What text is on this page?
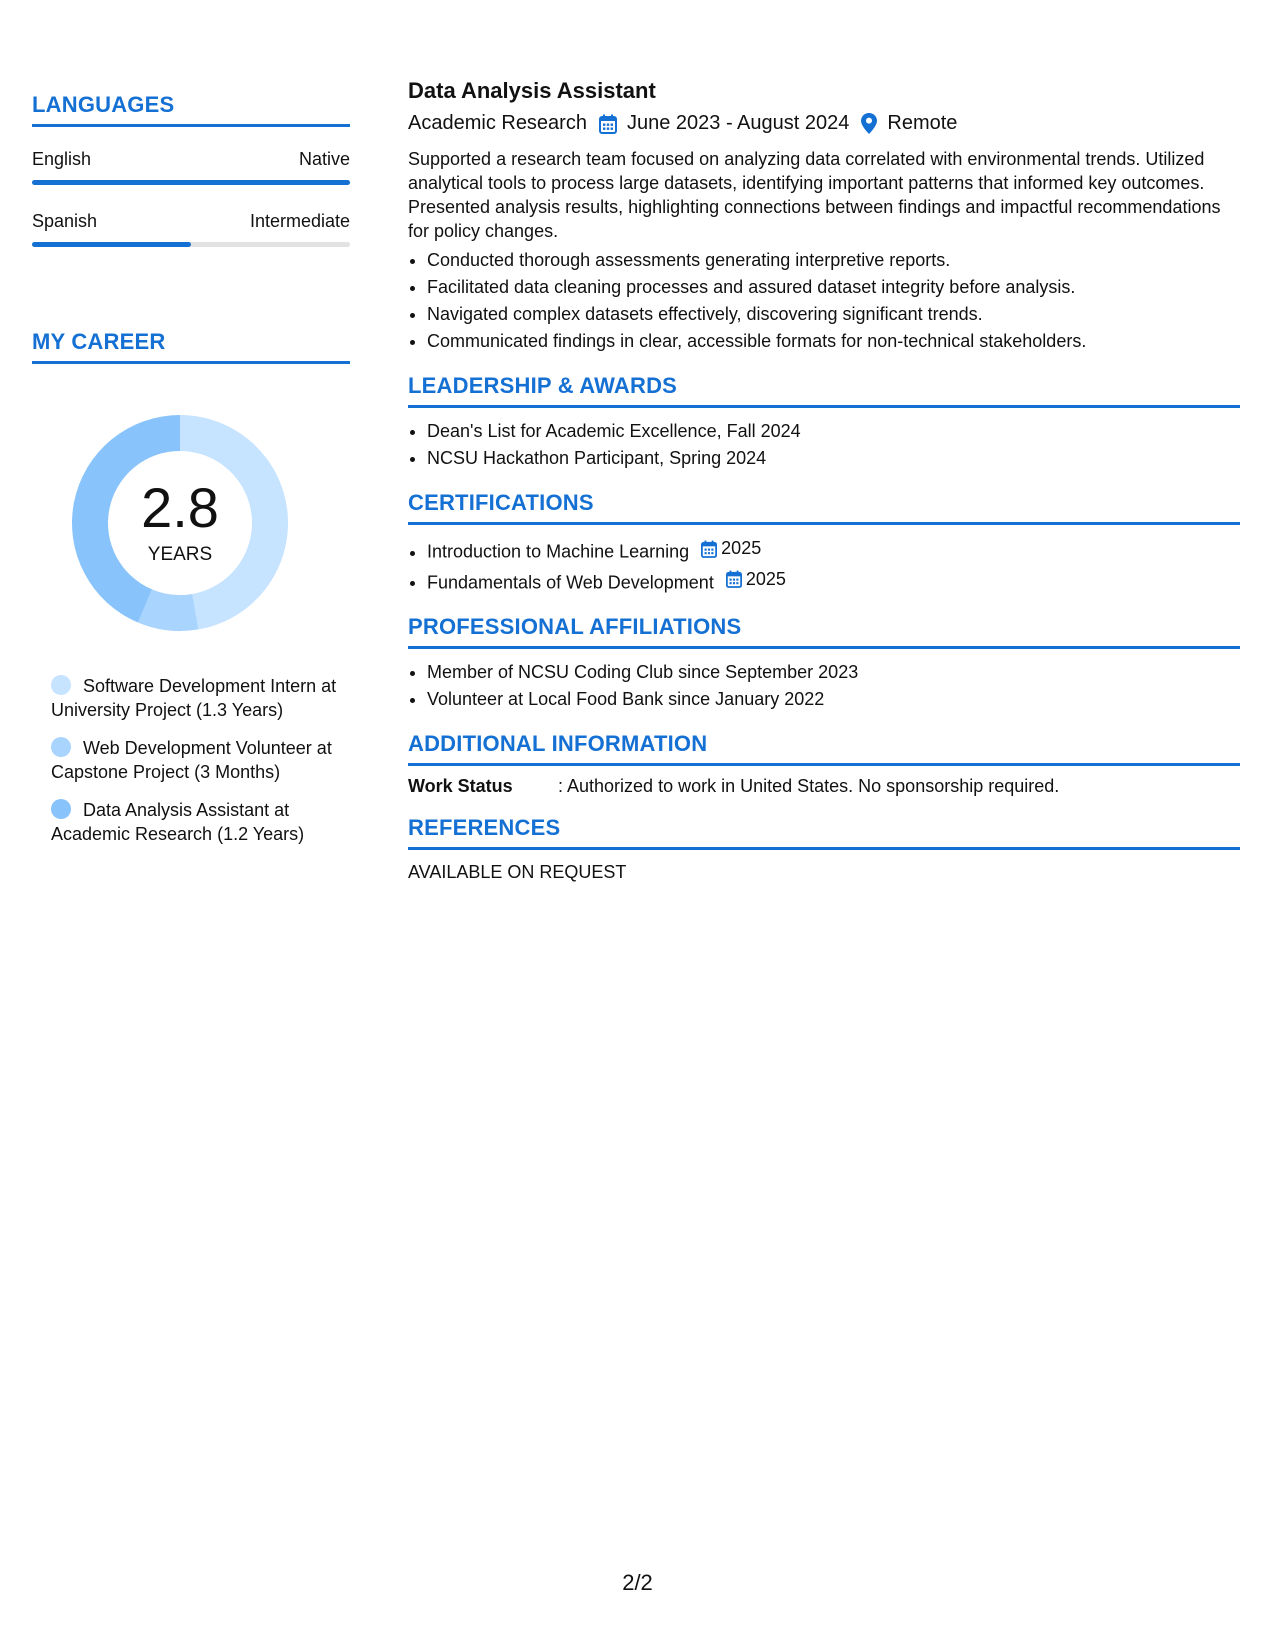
LANGUAGES
English	Native
Spanish	Intermediate
MY CAREER
2.8
YEARS
Software Development Intern at University Project (1.3 Years)
Web Development Volunteer at Capstone Project (3 Months)
Data Analysis Assistant at Academic Research (1.2 Years)
Data Analysis Assistant
Academic Research June 2023 - August 2024 Remote
Supported a research team focused on analyzing data correlated with environmental trends. Utilized analytical tools to process large datasets, identifying important patterns that informed key outcomes. Presented analysis results, highlighting connections between findings and impactful recommendations for policy changes.
• Conducted thorough assessments generating interpretive reports.
• Facilitated data cleaning processes and assured dataset integrity before analysis.
• Navigated complex datasets effectively, discovering significant trends.
• Communicated findings in clear, accessible formats for non-technical stakeholders.
LEADERSHIP & AWARDS
• Dean's List for Academic Excellence, Fall 2024
• NCSU Hackathon Participant, Spring 2024
CERTIFICATIONS
• Introduction to Machine Learning 2025
• Fundamentals of Web Development 2025
PROFESSIONAL AFFILIATIONS
• Member of NCSU Coding Club since September 2023
• Volunteer at Local Food Bank since January 2022
ADDITIONAL INFORMATION
Work Status	: Authorized to work in United States. No sponsorship required.
REFERENCES
AVAILABLE ON REQUEST
2/2
